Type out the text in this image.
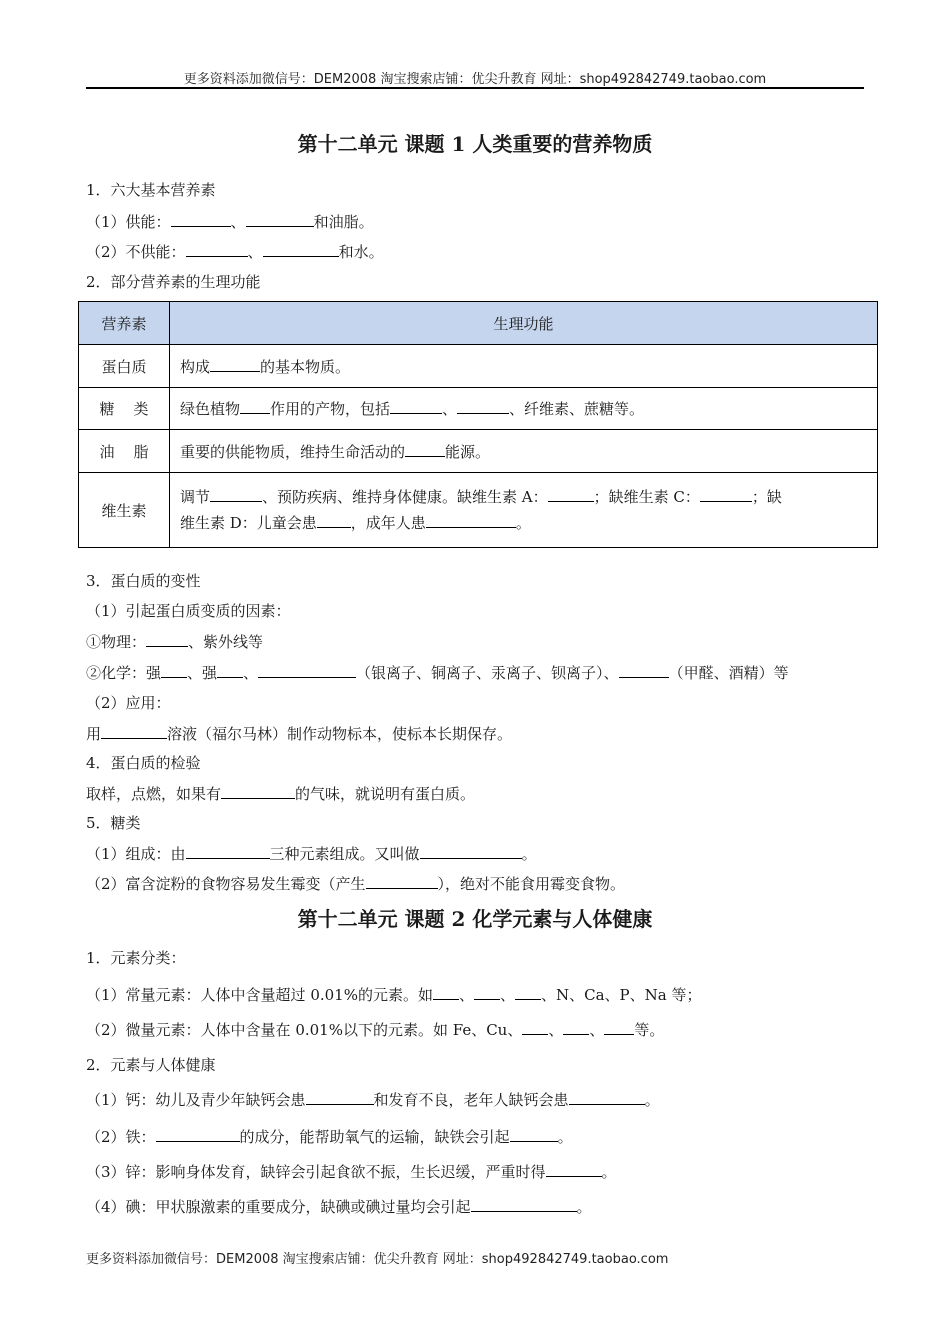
更多资料添加微信号：DEM2008 淘宝搜索店铺：优尖升教育 网址：shop492842749.taobao.com
第十二单元 课题 1 人类重要的营养物质
1．六大基本营养素
（1）供能：	、	和油脂。
（2）不供能：	、	和水。
2．部分营养素的生理功能
营养素	生理功能
蛋白质	构成 的基本物质。
糖    类	绿色植物 作用的产物，包括 、 、纤维素、蔗糖等。
油    脂	重要的供能物质，维持生命活动的 能源。
维生素	调节 、预防疾病、维持身体健康。缺维生素 A： ；缺维生素 C： ；缺
维生素 D：儿童会患 ，成年人患 。
3．蛋白质的变性
（1）引起蛋白质变质的因素：
①物理：	、紫外线等
②化学：强 、强 、	（银离子、铜离子、汞离子、钡离子）、	（甲醛、酒精）等
（2）应用：
用	溶液（福尔马林）制作动物标本，使标本长期保存。
4．蛋白质的检验
取样，点燃，如果有	的气味，就说明有蛋白质。
5．糖类
（1）组成：由	三种元素组成。又叫做	。
（2）富含淀粉的食物容易发生霉变（产生	），绝对不能食用霉变食物。
第十二单元 课题 2 化学元素与人体健康
1．元素分类：
（1）常量元素：人体中含量超过 0.01%的元素。如 、 、 、N、Ca、P、Na 等；
（2）微量元素：人体中含量在 0.01%以下的元素。如 Fe、Cu、 、 、 等。
2．元素与人体健康
（1）钙：幼儿及青少年缺钙会患	和发育不良，老年人缺钙会患	。
（2）铁：	的成分，能帮助氧气的运输，缺铁会引起	。
（3）锌：影响身体发育，缺锌会引起食欲不振，生长迟缓，严重时得	。
（4）碘：甲状腺激素的重要成分，缺碘或碘过量均会引起	。
更多资料添加微信号：DEM2008 淘宝搜索店铺：优尖升教育 网址：shop492842749.taobao.com
